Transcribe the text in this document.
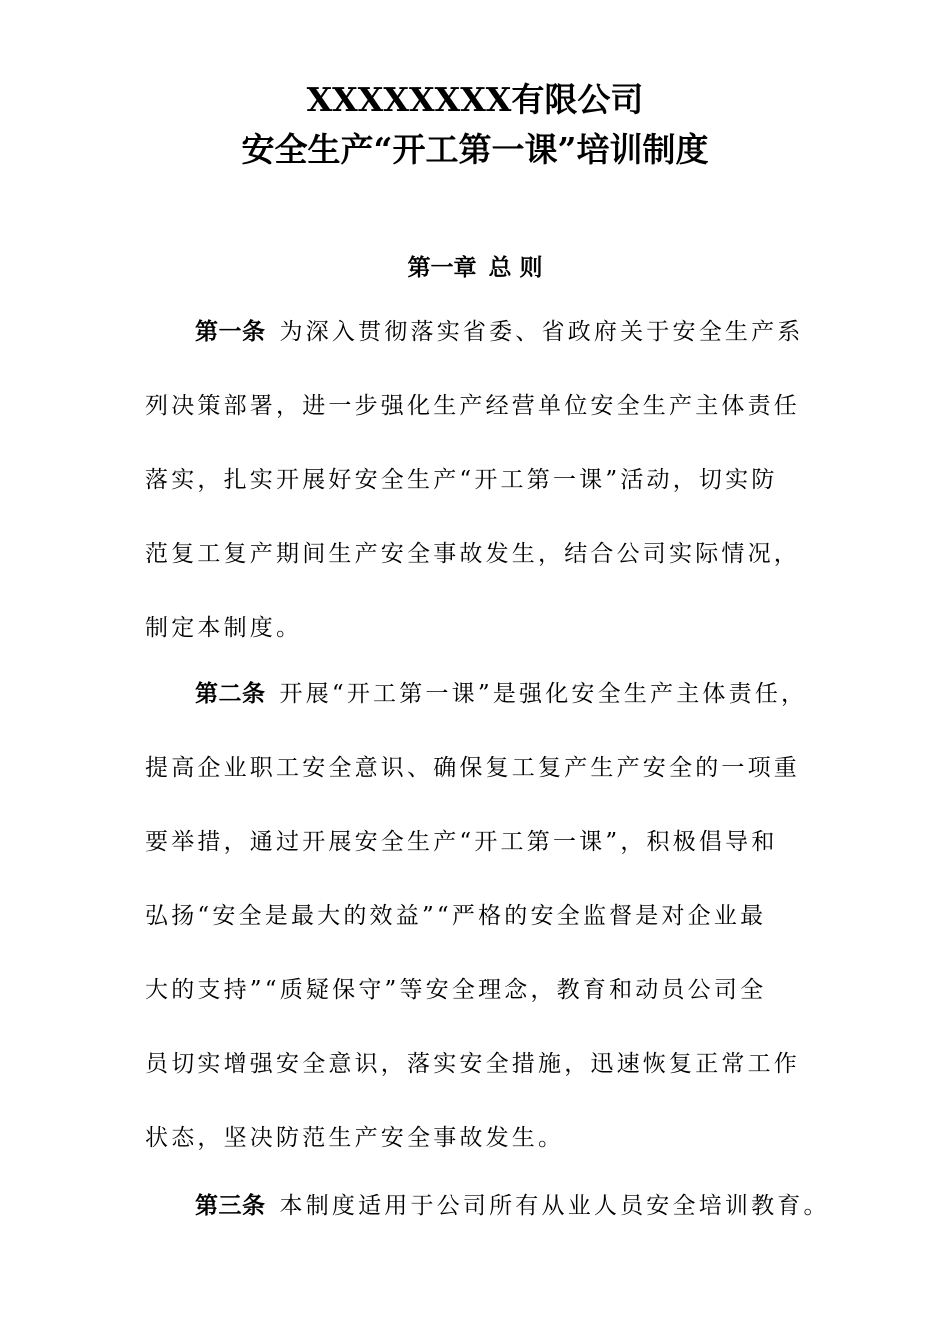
XXXXXXXX有限公司
安全生产“开工第一课”培训制度
第一章 总 则

第一条 为深入贯彻落实省委、省政府关于安全生产系

列决策部署，进一步强化生产经营单位安全生产主体责任

落实，扎实开展好安全生产“开工第一课”活动，切实防

范复工复产期间生产安全事故发生，结合公司实际情况，

制定本制度。

第二条 开展“开工第一课”是强化安全生产主体责任，

提高企业职工安全意识、确保复工复产生产安全的一项重

要举措，通过开展安全生产“开工第一课”，积极倡导和

弘扬“安全是最大的效益”“严格的安全监督是对企业最

大的支持”“质疑保守”等安全理念，教育和动员公司全

员切实增强安全意识，落实安全措施，迅速恢复正常工作

状态，坚决防范生产安全事故发生。

第三条 本制度适用于公司所有从业人员安全培训教育。
